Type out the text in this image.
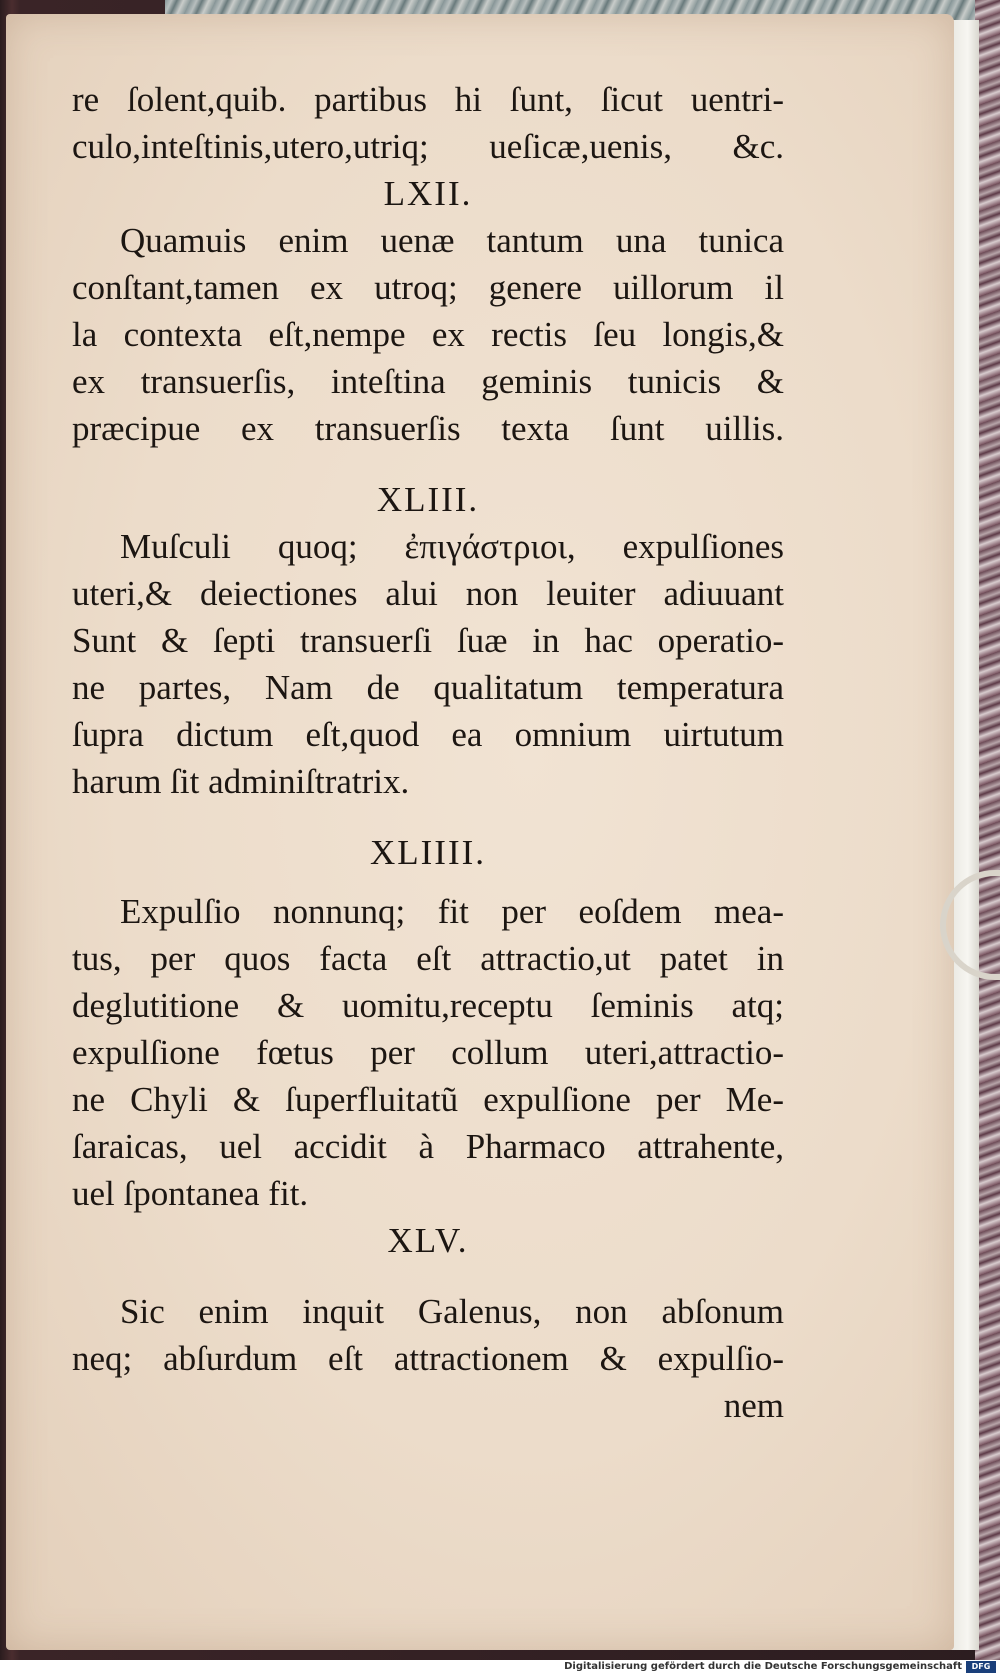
re ſolent,quib. partibus hi ſunt, ſicut uentri-
culo,inteſtinis,utero,utriq; ueſicæ,uenis, &c.
LXII.
Quamuis enim uenæ tantum una tunica
conſtant,tamen ex utroq; genere uillorum il
la contexta eſt,nempe ex rectis ſeu longis,&
ex transuerſis, inteſtina geminis tunicis &
præcipue ex transuerſis texta ſunt uillis.
XLIII.
Muſculi quoq; ἐπιγάστριοι, expulſiones
uteri,& deiectiones alui non leuiter adiuuant
Sunt & ſepti transuerſi ſuæ in hac operatio-
ne partes, Nam de qualitatum temperatura
ſupra dictum eſt,quod ea omnium uirtutum
harum ſit adminiſtratrix.
XLIIII.
Expulſio nonnunq; fit per eoſdem mea-
tus, per quos facta eſt attractio,ut patet in
deglutitione & uomitu,receptu ſeminis atq;
expulſione fœtus per collum uteri,attractio-
ne Chyli & ſuperfluitatũ expulſione per Me-
ſaraicas, uel accidit à Pharmaco attrahente,
uel ſpontanea fit.
XLV.
Sic enim inquit Galenus, non abſonum
neq; abſurdum eſt attractionem & expulſio-
nem
Digitalisierung gefördert durch die Deutsche Forschungsgemeinschaft	DFG
